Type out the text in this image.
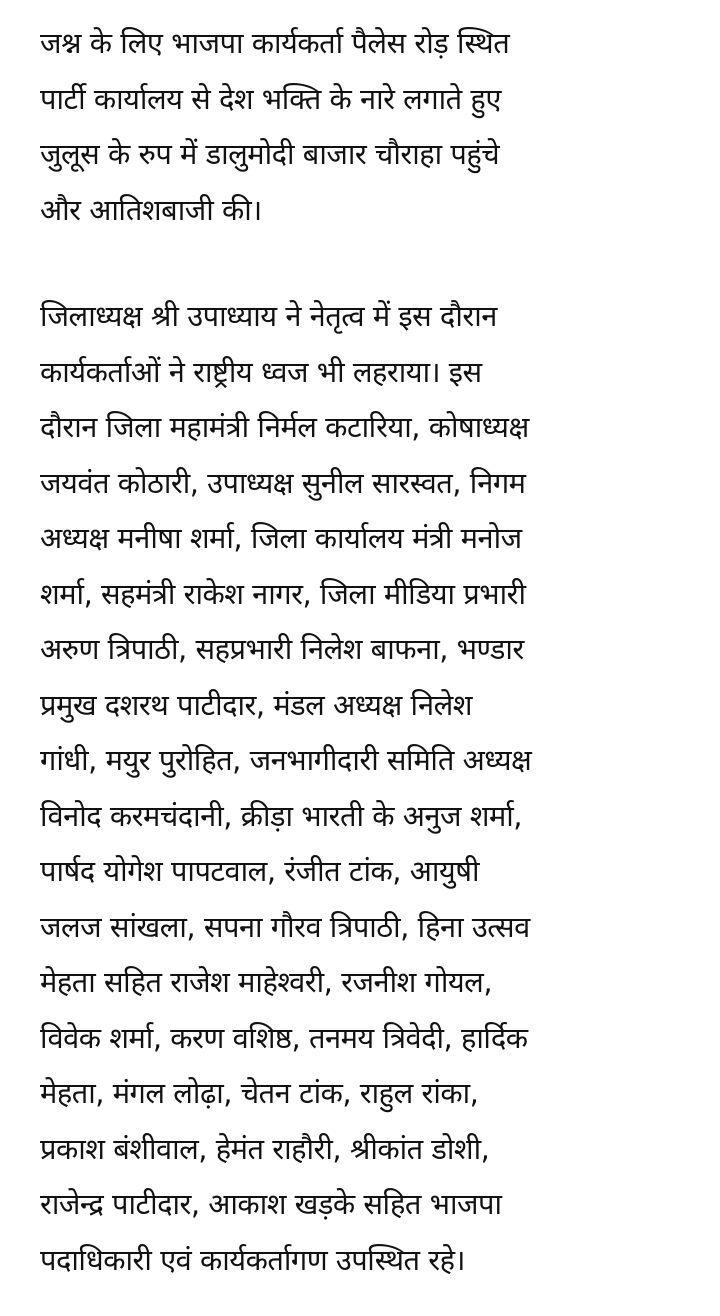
जश्न के लिए भाजपा कार्यकर्ता पैलेस रोड़ स्थित
पार्टी कार्यालय से देश भक्ति के नारे लगाते हुए
जुलूस के रुप में डालुमोदी बाजार चौराहा पहुंचे
और आतिशबाजी की।
जिलाध्यक्ष श्री उपाध्याय ने नेतृत्व में इस दौरान
कार्यकर्ताओं ने राष्ट्रीय ध्वज भी लहराया। इस
दौरान जिला महामंत्री निर्मल कटारिया, कोषाध्यक्ष
जयवंत कोठारी, उपाध्यक्ष सुनील सारस्वत, निगम
अध्यक्ष मनीषा शर्मा, जिला कार्यालय मंत्री मनोज
शर्मा, सहमंत्री राकेश नागर, जिला मीडिया प्रभारी
अरुण त्रिपाठी, सहप्रभारी निलेश बाफना, भण्डार
प्रमुख दशरथ पाटीदार, मंडल अध्यक्ष निलेश
गांधी, मयुर पुरोहित, जनभागीदारी समिति अध्यक्ष
विनोद करमचंदानी, क्रीड़ा भारती के अनुज शर्मा,
पार्षद योगेश पापटवाल, रंजीत टांक, आयुषी
जलज सांखला, सपना गौरव त्रिपाठी, हिना उत्सव
मेहता सहित राजेश माहेश्वरी, रजनीश गोयल,
विवेक शर्मा, करण वशिष्ठ, तनमय त्रिवेदी, हार्दिक
मेहता, मंगल लोढ़ा, चेतन टांक, राहुल रांका,
प्रकाश बंशीवाल, हेमंत राहौरी, श्रीकांत डोशी,
राजेन्द्र पाटीदार, आकाश खड़के सहित भाजपा
पदाधिकारी एवं कार्यकर्तागण उपस्थित रहे।
